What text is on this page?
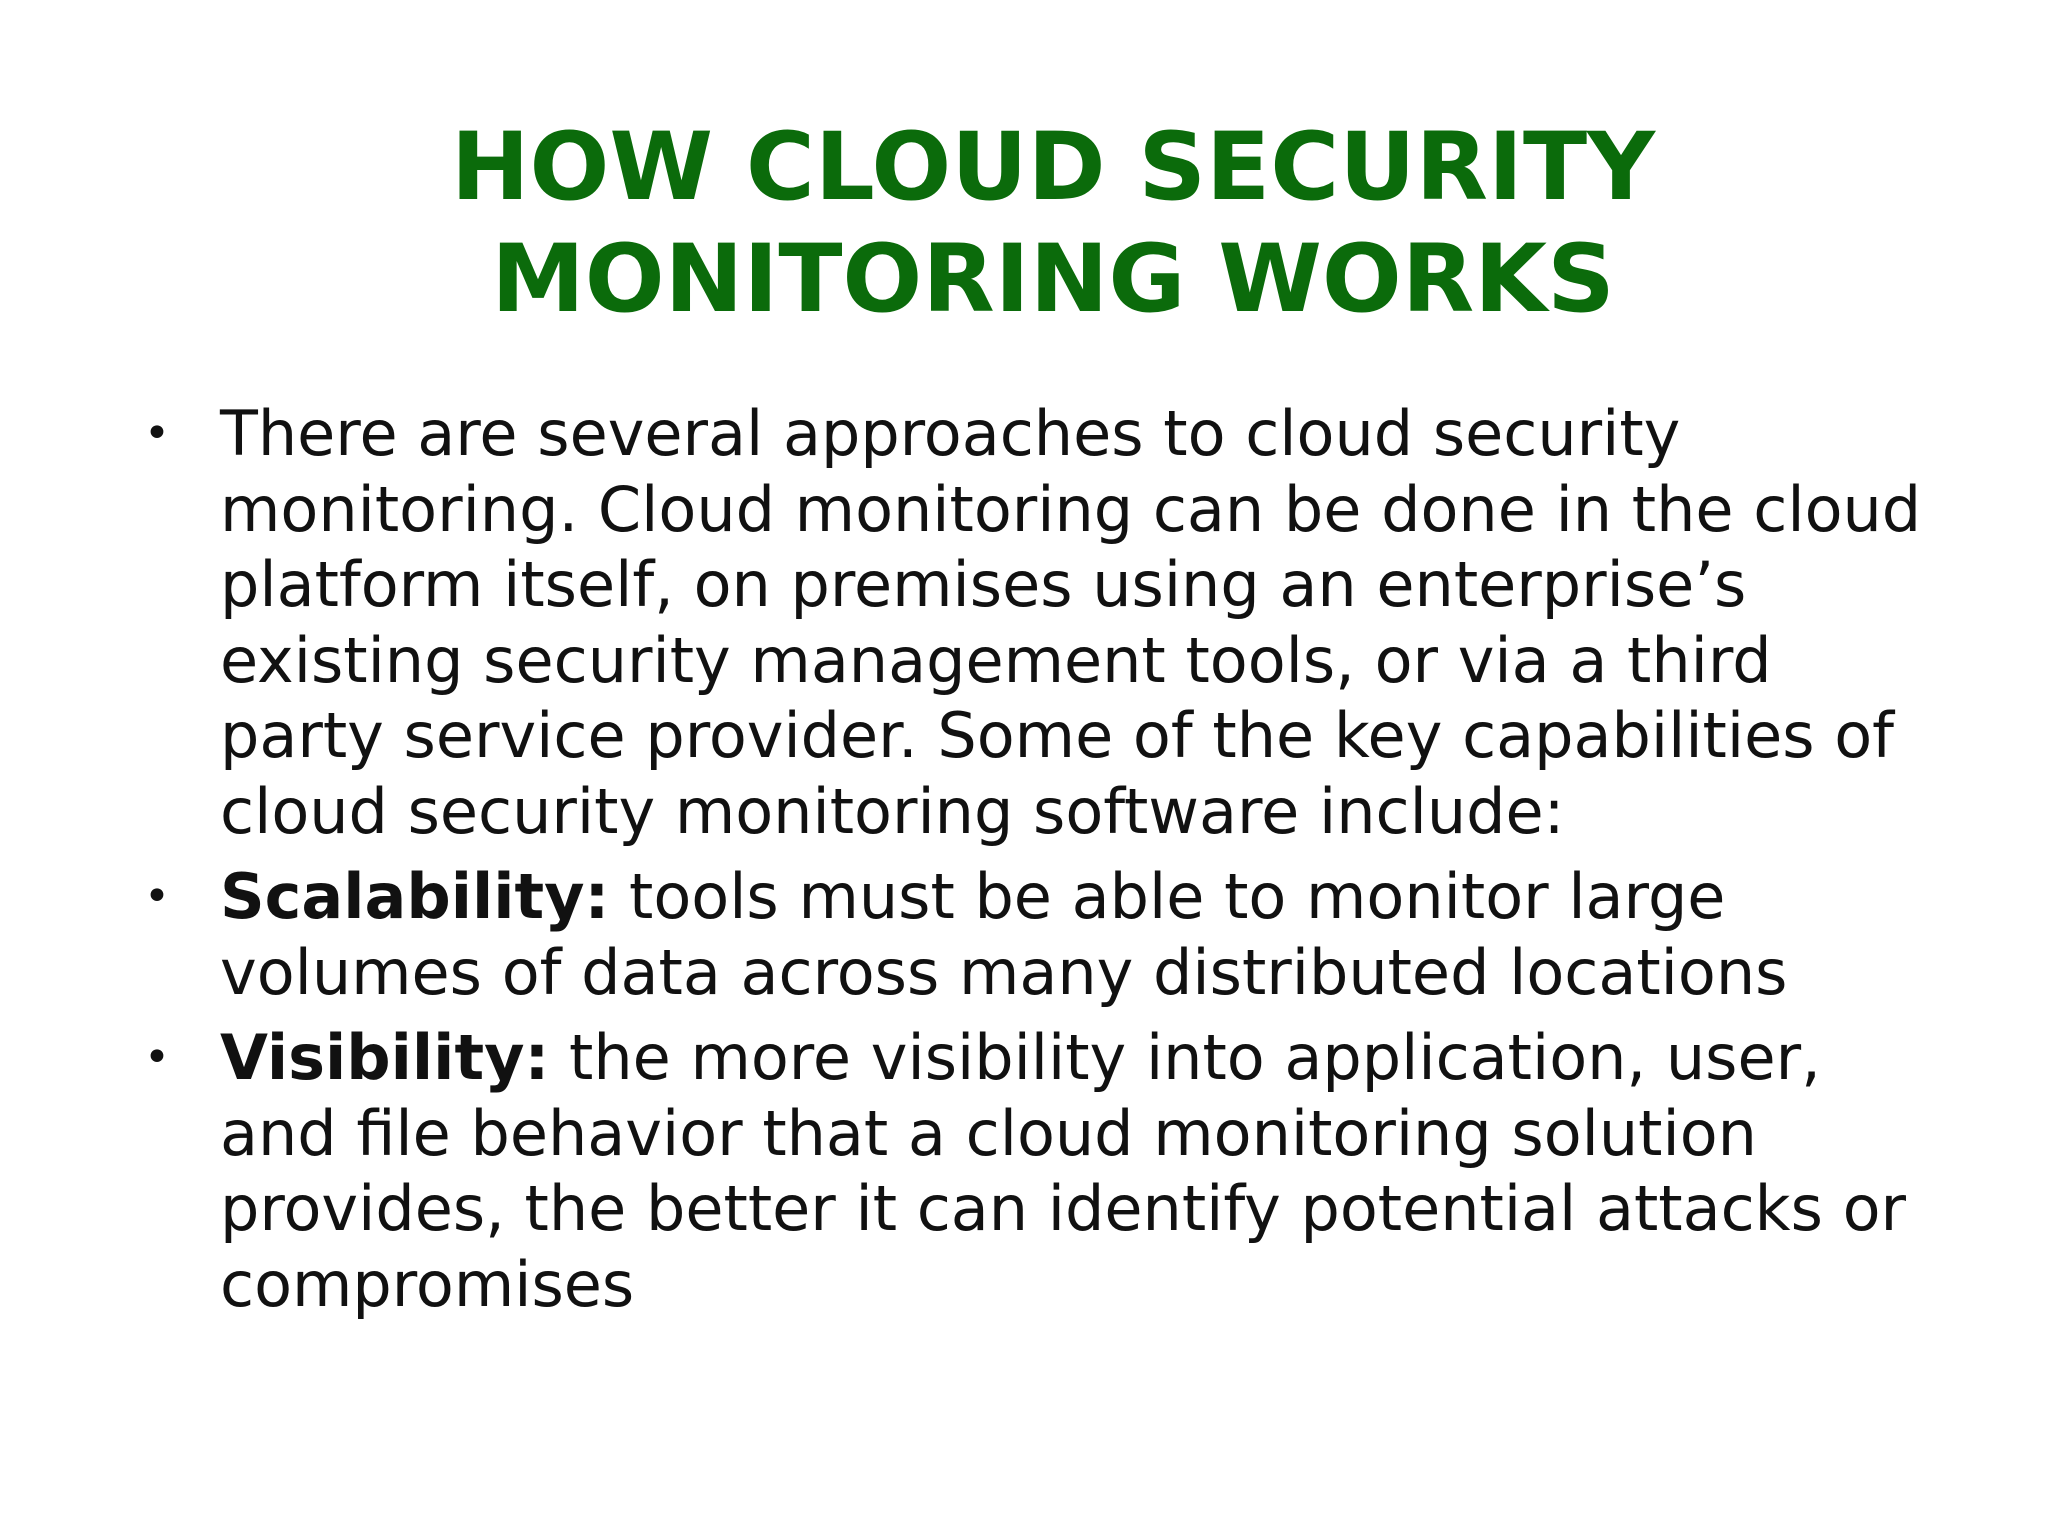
HOW CLOUD SECURITY
MONITORING WORKS
• There are several approaches to cloud security monitoring. Cloud monitoring can be done in the cloud platform itself, on premises using an enterprise’s existing security management tools, or via a third party service provider. Some of the key capabilities of cloud security monitoring software include:
• Scalability: tools must be able to monitor large volumes of data across many distributed locations
• Visibility: the more visibility into application, user, and file behavior that a cloud monitoring solution provides, the better it can identify potential attacks or compromises
